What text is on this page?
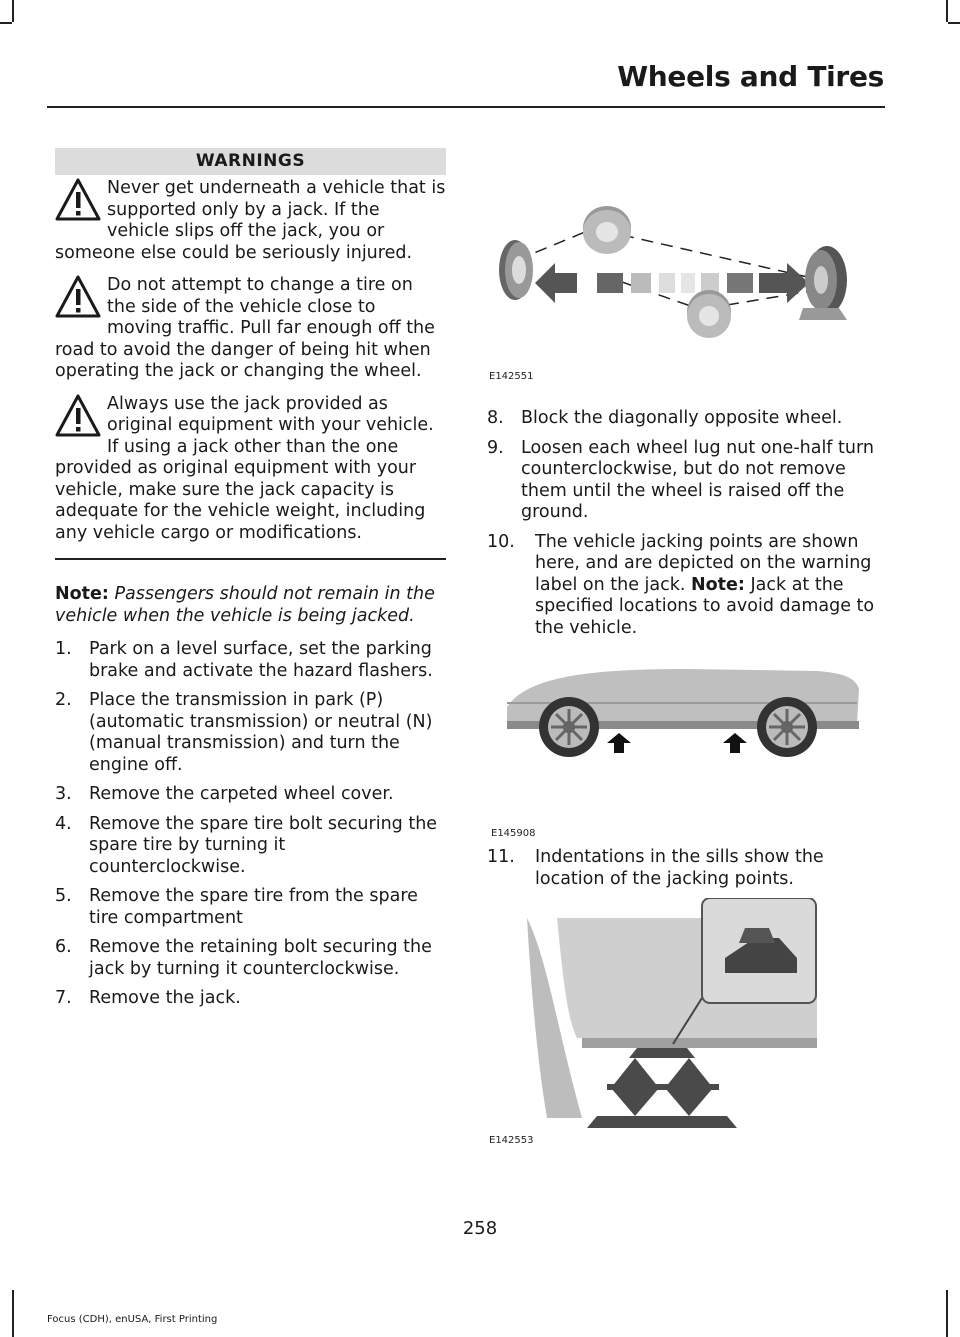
Wheels and Tires
WARNINGS

Never get underneath a vehicle that is supported only by a jack. If the vehicle slips off the jack, you or someone else could be seriously injured.

Do not attempt to change a tire on the side of the vehicle close to moving traffic. Pull far enough off the road to avoid the danger of being hit when operating the jack or changing the wheel.

Always use the jack provided as original equipment with your vehicle. If using a jack other than the one provided as original equipment with your vehicle, make sure the jack capacity is adequate for the vehicle weight, including any vehicle cargo or modifications.

Note: Passengers should not remain in the vehicle when the vehicle is being jacked.

1. Park on a level surface, set the parking brake and activate the hazard flashers.
2. Place the transmission in park (P) (automatic transmission) or neutral (N) (manual transmission) and turn the engine off.
3. Remove the carpeted wheel cover.
4. Remove the spare tire bolt securing the spare tire by turning it counterclockwise.
5. Remove the spare tire from the spare tire compartment
6. Remove the retaining bolt securing the jack by turning it counterclockwise.
7. Remove the jack.
E142551
8. Block the diagonally opposite wheel.
9. Loosen each wheel lug nut one-half turn counterclockwise, but do not remove them until the wheel is raised off the ground.
10. The vehicle jacking points are shown here, and are depicted on the warning label on the jack. Note: Jack at the specified locations to avoid damage to the vehicle.
E145908
11. Indentations in the sills show the location of the jacking points.
E142553
258
Focus (CDH), enUSA, First Printing
